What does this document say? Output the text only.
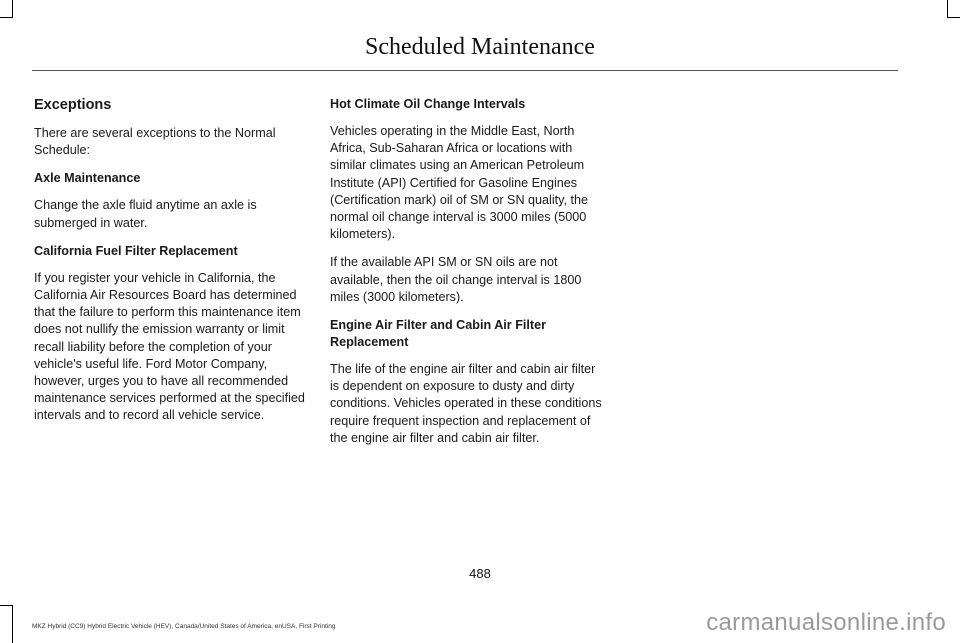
Scheduled Maintenance
Exceptions

There are several exceptions to the Normal Schedule:

Axle Maintenance

Change the axle fluid anytime an axle is submerged in water.

California Fuel Filter Replacement

If you register your vehicle in California, the California Air Resources Board has determined that the failure to perform this maintenance item does not nullify the emission warranty or limit recall liability before the completion of your vehicle's useful life. Ford Motor Company, however, urges you to have all recommended maintenance services performed at the specified intervals and to record all vehicle service.

Hot Climate Oil Change Intervals

Vehicles operating in the Middle East, North Africa, Sub-Saharan Africa or locations with similar climates using an American Petroleum Institute (API) Certified for Gasoline Engines (Certification mark) oil of SM or SN quality, the normal oil change interval is 3000 miles (5000 kilometers).

If the available API SM or SN oils are not available, then the oil change interval is 1800 miles (3000 kilometers).

Engine Air Filter and Cabin Air Filter Replacement

The life of the engine air filter and cabin air filter is dependent on exposure to dusty and dirty conditions. Vehicles operated in these conditions require frequent inspection and replacement of the engine air filter and cabin air filter.

488
MKZ Hybrid (CC9) Hybrid Electric Vehicle (HEV), Canada/United States of America, enUSA, First Printing	carmanualsonline.info
